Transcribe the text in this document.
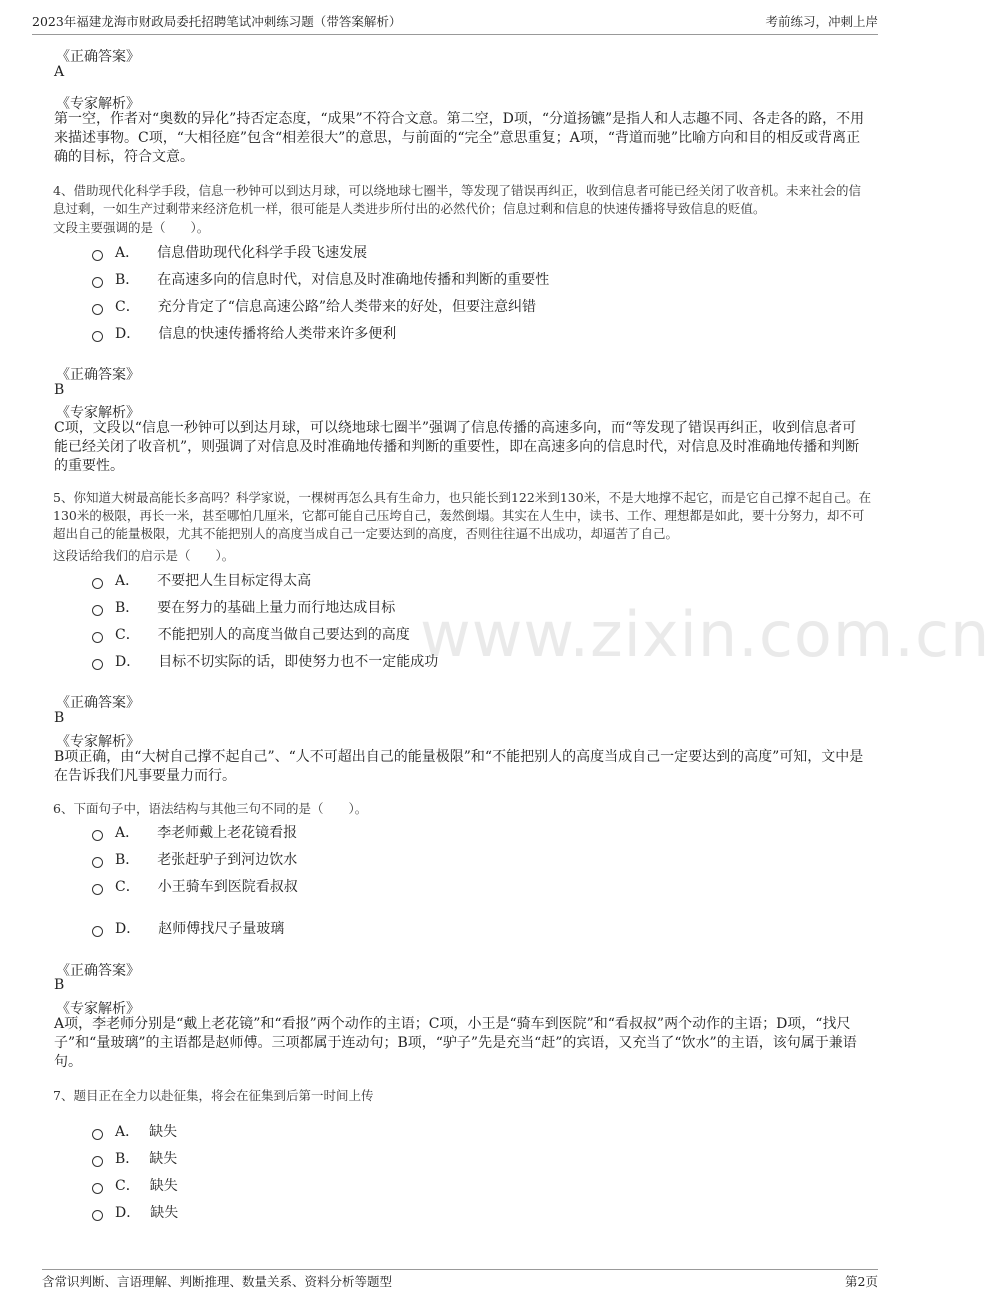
2023年福建龙海市财政局委托招聘笔试冲刺练习题（带答案解析）	考前练习，冲刺上岸
www.zixin.com.cn
《正确答案》
A
《专家解析》
第一空，作者对“奥数的异化”持否定态度，“成果”不符合文意。第二空，D项，“分道扬镳”是指人和人志趣不同、各走各的路，不用来描述事物。C项，“大相径庭”包含“相差很大”的意思，与前面的“完全”意思重复；A项，“背道而驰”比喻方向和目的相反或背离正确的目标，符合文意。
4、借助现代化科学手段，信息一秒钟可以到达月球，可以绕地球七圈半，等发现了错误再纠正，收到信息者可能已经关闭了收音机。未来社会的信息过剩，一如生产过剩带来经济危机一样，很可能是人类进步所付出的必然代价；信息过剩和信息的快速传播将导致信息的贬值。
文段主要强调的是（　　）。
A． 信息借助现代化科学手段飞速发展
B． 在高速多向的信息时代，对信息及时准确地传播和判断的重要性
C． 充分肯定了“信息高速公路”给人类带来的好处，但要注意纠错
D． 信息的快速传播将给人类带来许多便利
《正确答案》
B
《专家解析》
C项，文段以“信息一秒钟可以到达月球，可以绕地球七圈半”强调了信息传播的高速多向，而“等发现了错误再纠正，收到信息者可能已经关闭了收音机”，则强调了对信息及时准确地传播和判断的重要性，即在高速多向的信息时代，对信息及时准确地传播和判断的重要性。
5、你知道大树最高能长多高吗？科学家说，一棵树再怎么具有生命力，也只能长到122米到130米，不是大地撑不起它，而是它自己撑不起自己。在130米的极限，再长一米，甚至哪怕几厘米，它都可能自己压垮自己，轰然倒塌。其实在人生中，读书、工作、理想都是如此，要十分努力，却不可超出自己的能量极限，尤其不能把别人的高度当成自己一定要达到的高度，否则往往逼不出成功，却逼苦了自己。
这段话给我们的启示是（　　）。
A． 不要把人生目标定得太高
B． 要在努力的基础上量力而行地达成目标
C． 不能把别人的高度当做自己要达到的高度
D． 目标不切实际的话，即使努力也不一定能成功
《正确答案》
B
《专家解析》
B项正确，由“大树自己撑不起自己”、“人不可超出自己的能量极限”和“不能把别人的高度当成自己一定要达到的高度”可知，文中是在告诉我们凡事要量力而行。
6、下面句子中，语法结构与其他三句不同的是（　　）。
A． 李老师戴上老花镜看报
B． 老张赶驴子到河边饮水
C． 小王骑车到医院看叔叔
D． 赵师傅找尺子量玻璃
《正确答案》
B
《专家解析》
A项，李老师分别是“戴上老花镜”和“看报”两个动作的主语；C项，小王是“骑车到医院”和“看叔叔”两个动作的主语；D项，“找尺子”和“量玻璃”的主语都是赵师傅。三项都属于连动句；B项，“驴子”先是充当“赶”的宾语，又充当了“饮水”的主语，该句属于兼语句。
7、题目正在全力以赴征集，将会在征集到后第一时间上传
A． 缺失
B． 缺失
C． 缺失
D． 缺失
含常识判断、言语理解、判断推理、数量关系、资料分析等题型	第2页
